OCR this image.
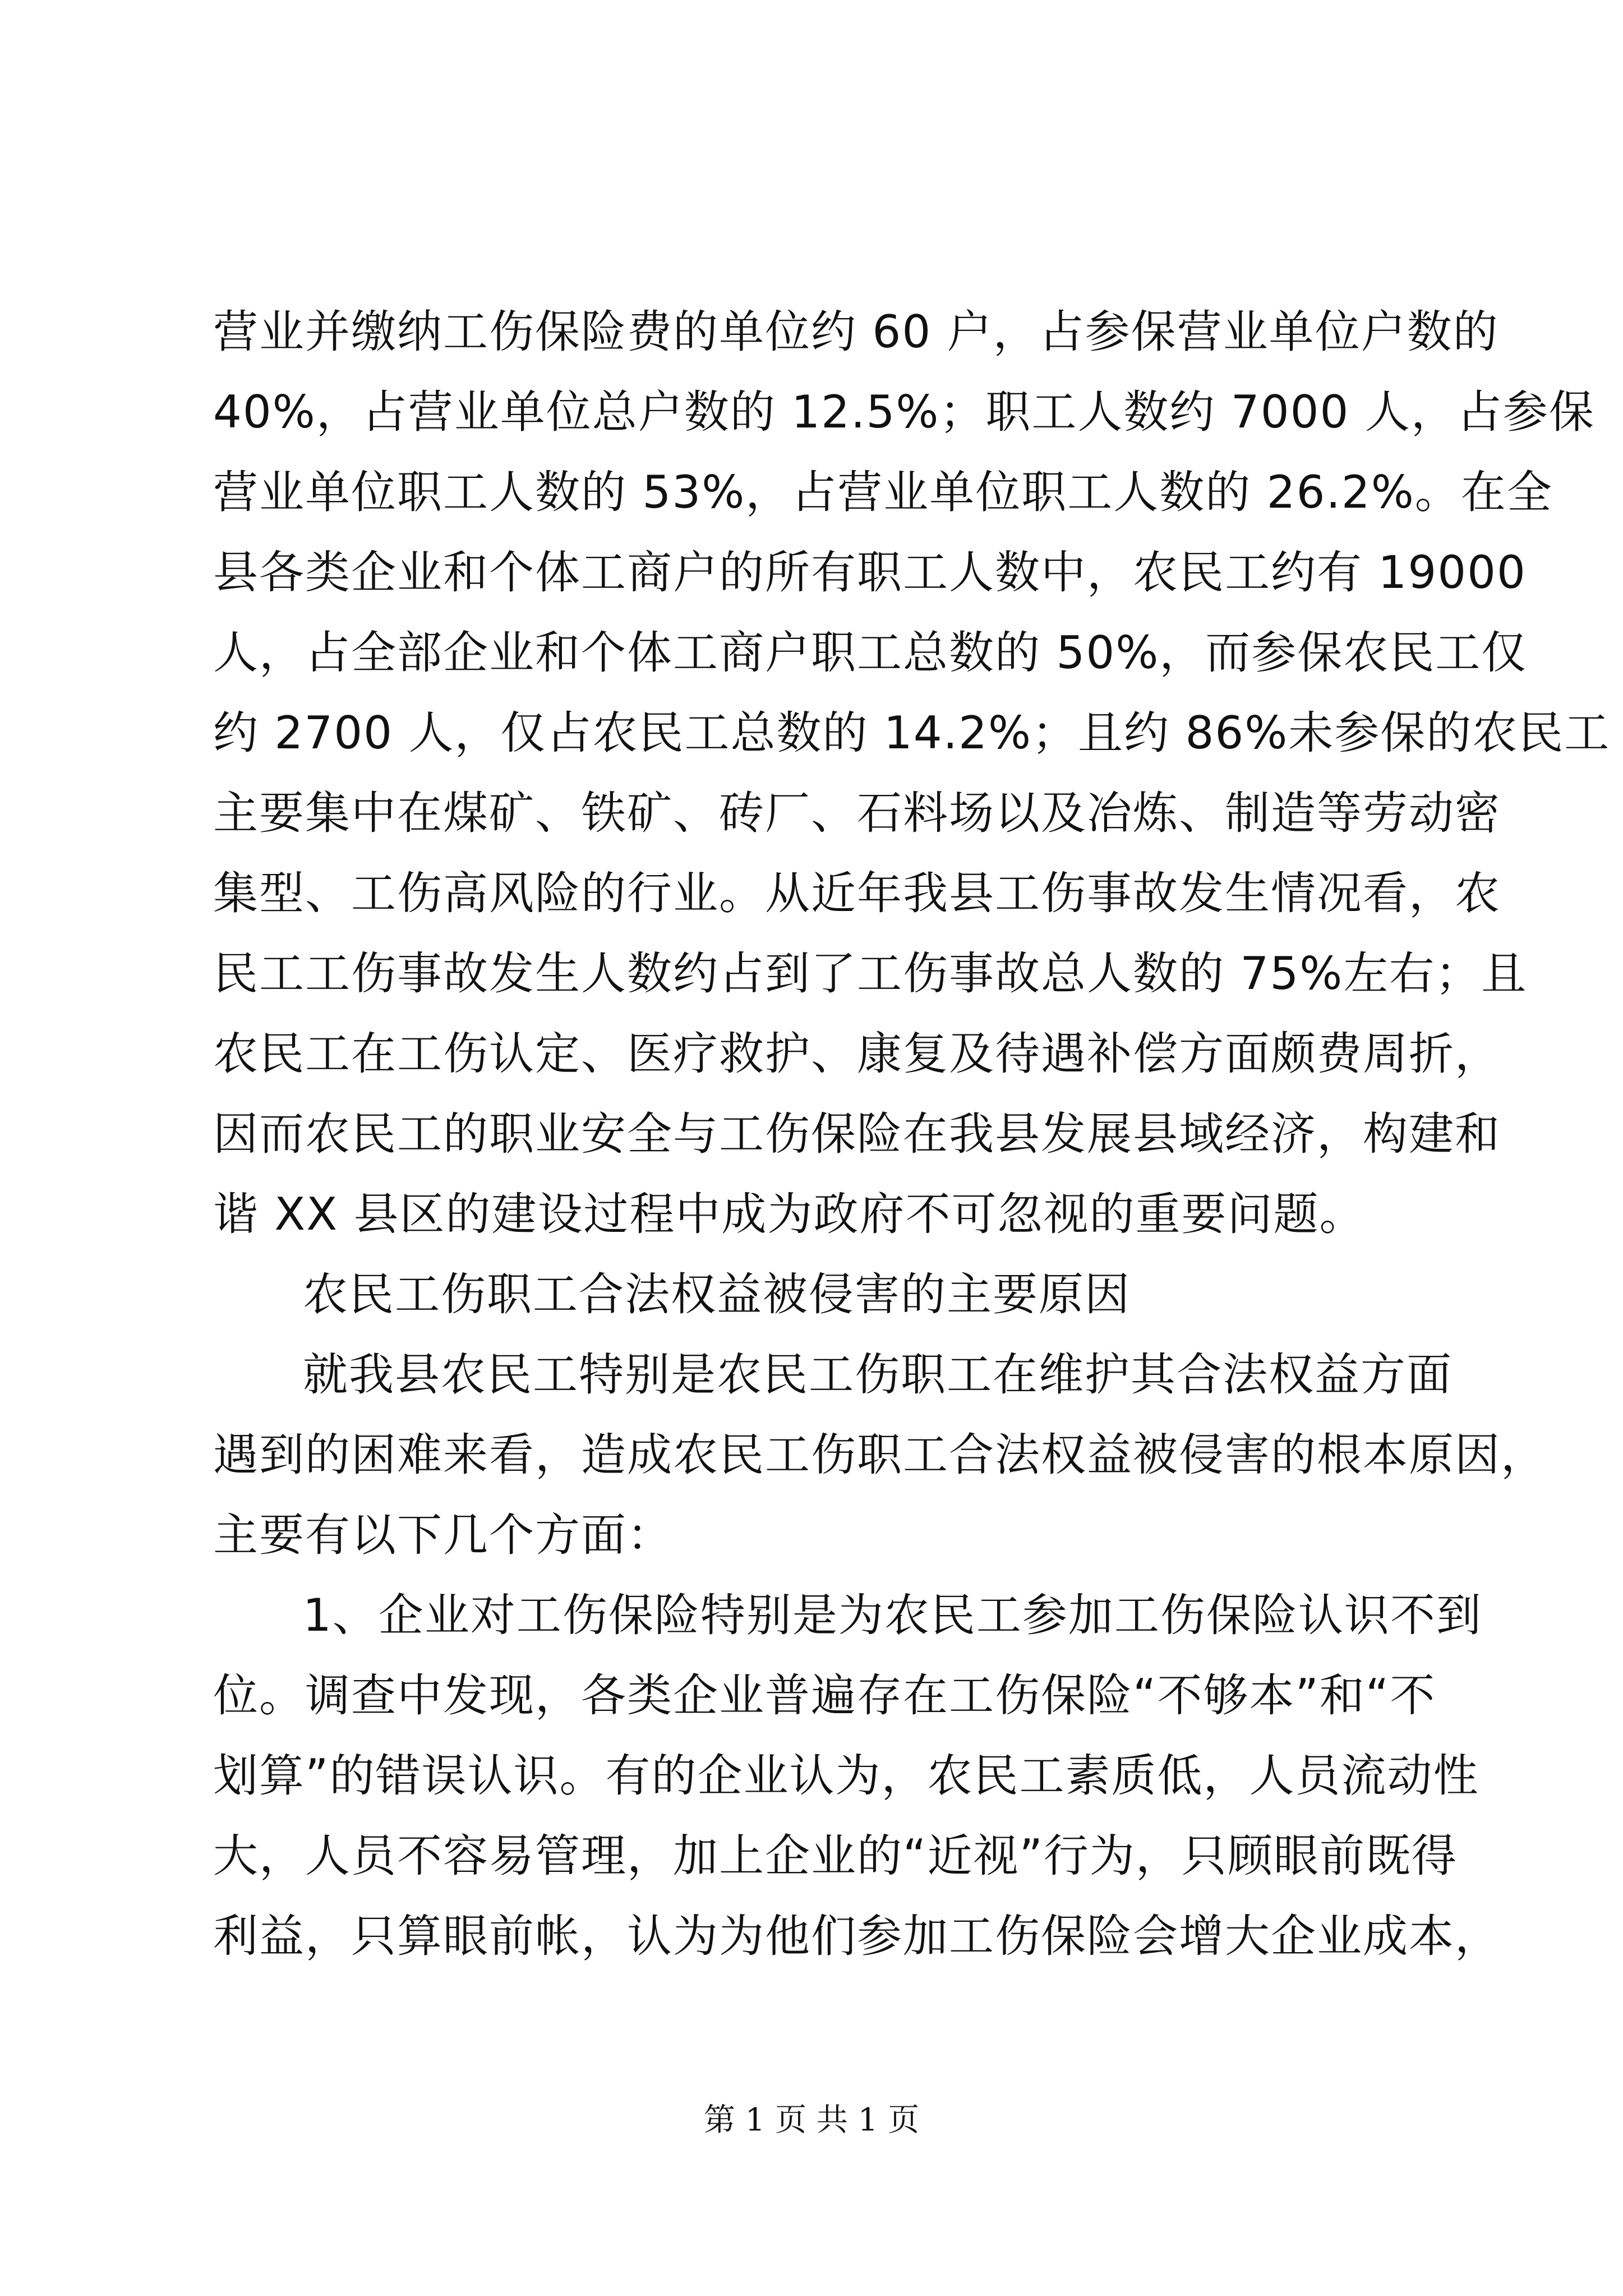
营业并缴纳工伤保险费的单位约 60 户，占参保营业单位户数的
40%，占营业单位总户数的 12.5%；职工人数约 7000 人，占参保
营业单位职工人数的 53%，占营业单位职工人数的 26.2%。在全
县各类企业和个体工商户的所有职工人数中，农民工约有 19000
人，占全部企业和个体工商户职工总数的 50%，而参保农民工仅
约 2700 人，仅占农民工总数的 14.2%；且约 86%未参保的农民工
主要集中在煤矿、铁矿、砖厂、石料场以及冶炼、制造等劳动密
集型、工伤高风险的行业。从近年我县工伤事故发生情况看，农
民工工伤事故发生人数约占到了工伤事故总人数的 75%左右；且
农民工在工伤认定、医疗救护、康复及待遇补偿方面颇费周折，
因而农民工的职业安全与工伤保险在我县发展县域经济，构建和
谐 XX 县区的建设过程中成为政府不可忽视的重要问题。
农民工伤职工合法权益被侵害的主要原因
就我县农民工特别是农民工伤职工在维护其合法权益方面
遇到的困难来看，造成农民工伤职工合法权益被侵害的根本原因，
主要有以下几个方面：
1、企业对工伤保险特别是为农民工参加工伤保险认识不到
位。调查中发现，各类企业普遍存在工伤保险“不够本”和“不
划算”的错误认识。有的企业认为，农民工素质低，人员流动性
大，人员不容易管理，加上企业的“近视”行为，只顾眼前既得
利益，只算眼前帐，认为为他们参加工伤保险会增大企业成本，
第 1 页 共 1 页
